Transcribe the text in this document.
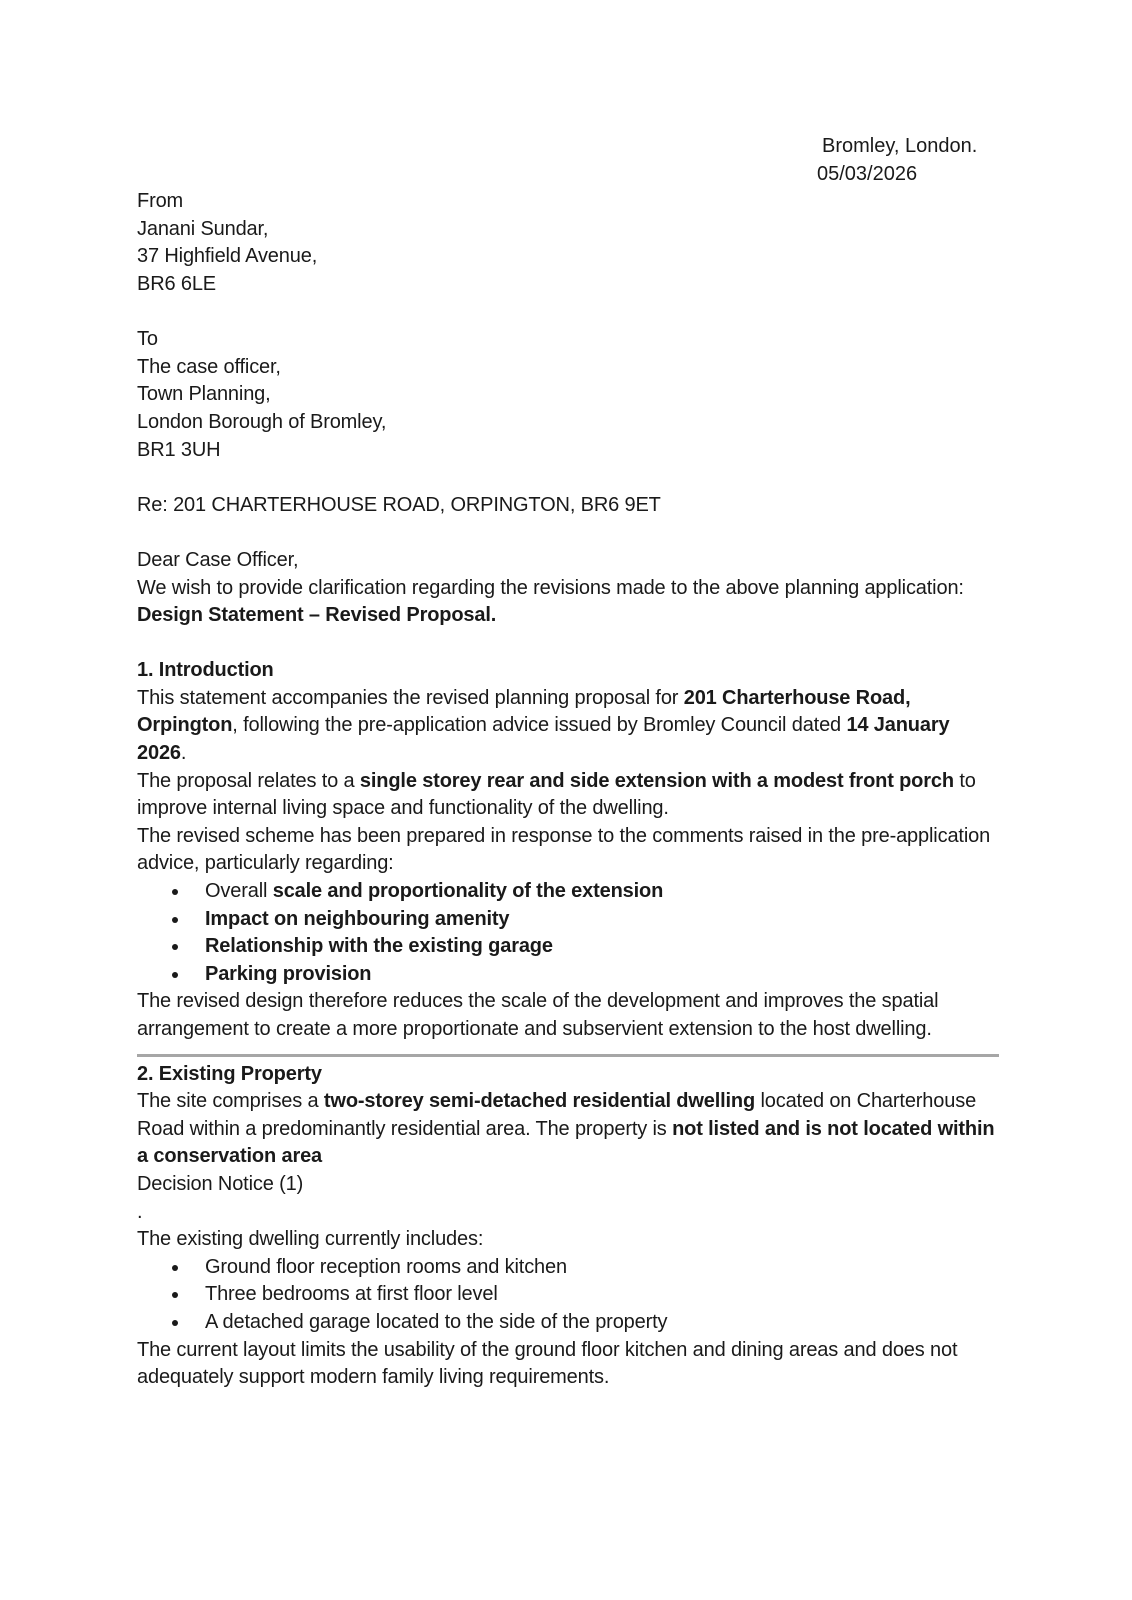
Bromley, London.
05/03/2026

From

Janani Sundar,

37 Highfield Avenue,

BR6 6LE

To

The case officer,

Town Planning,

London Borough of Bromley,

BR1 3UH

Re: 201 CHARTERHOUSE ROAD, ORPINGTON, BR6 9ET

Dear Case Officer,

We wish to provide clarification regarding the revisions made to the above planning application:  Design Statement – Revised Proposal.

1. Introduction

This statement accompanies the revised planning proposal for 201 Charterhouse Road, Orpington, following the pre-application advice issued by Bromley Council dated 14 January 2026.

The proposal relates to a single storey rear and side extension with a modest front porch to improve internal living space and functionality of the dwelling.

The revised scheme has been prepared in response to the comments raised in the pre-application advice, particularly regarding:

Overall scale and proportionality of the extension
Impact on neighbouring amenity
Relationship with the existing garage
Parking provision

The revised design therefore reduces the scale of the development and improves the spatial arrangement to create a more proportionate and subservient extension to the host dwelling.

2. Existing Property

The site comprises a two-storey semi-detached residential dwelling located on Charterhouse Road within a predominantly residential area. The property is not listed and is not located within a conservation area

Decision Notice (1)

.

The existing dwelling currently includes:

Ground floor reception rooms and kitchen
Three bedrooms at first floor level
A detached garage located to the side of the property

The current layout limits the usability of the ground floor kitchen and dining areas and does not adequately support modern family living requirements.
